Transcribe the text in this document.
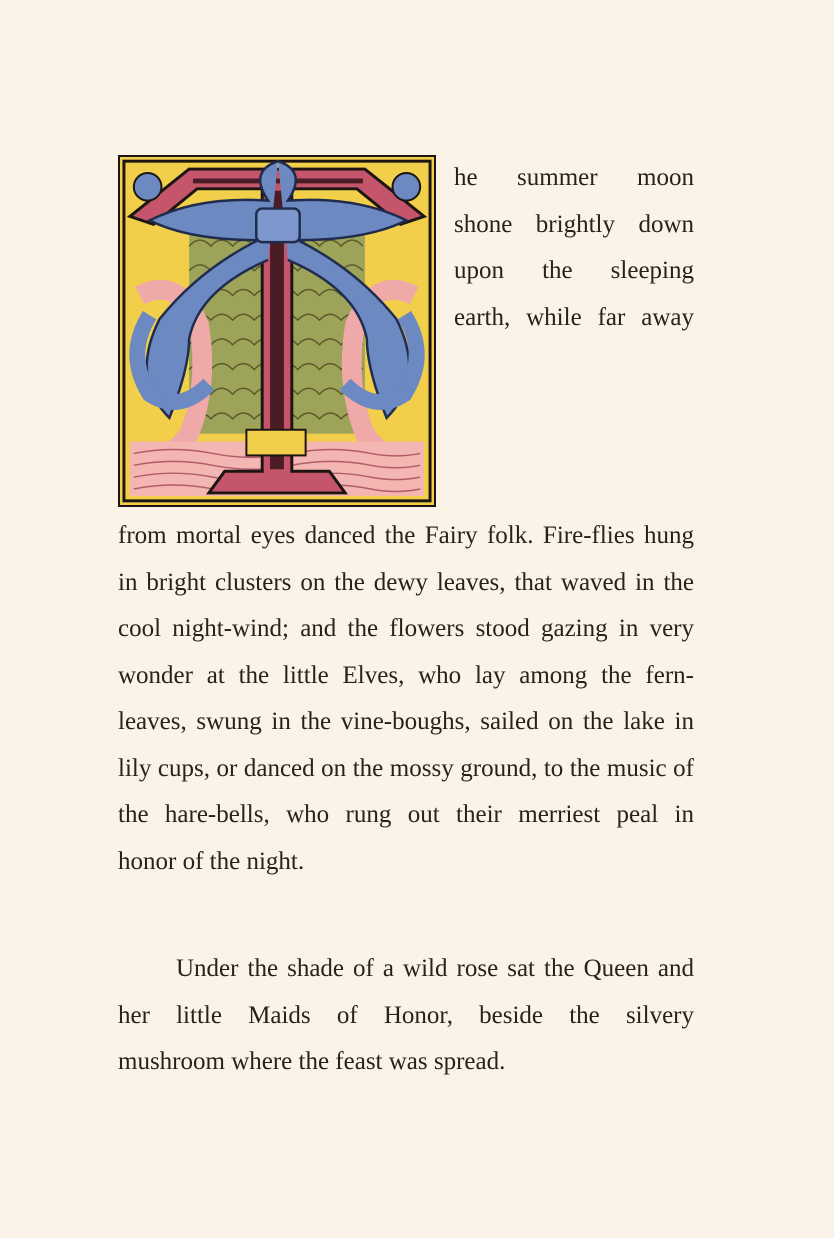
he summer moon
shone brightly down
upon the sleeping
earth, while far away
from mortal eyes danced the Fairy folk. Fire-flies hung in bright clusters on the dewy leaves, that waved in the cool night-wind; and the flowers stood gazing in very wonder at the little Elves, who lay among the fern-leaves, swung in the vine-boughs, sailed on the lake in lily cups, or danced on the mossy ground, to the music of the hare-bells, who rung out their merriest peal in
honor of the night.

Under the shade of a wild rose sat the Queen and her little Maids of Honor, beside the silvery
mushroom where the feast was spread.
